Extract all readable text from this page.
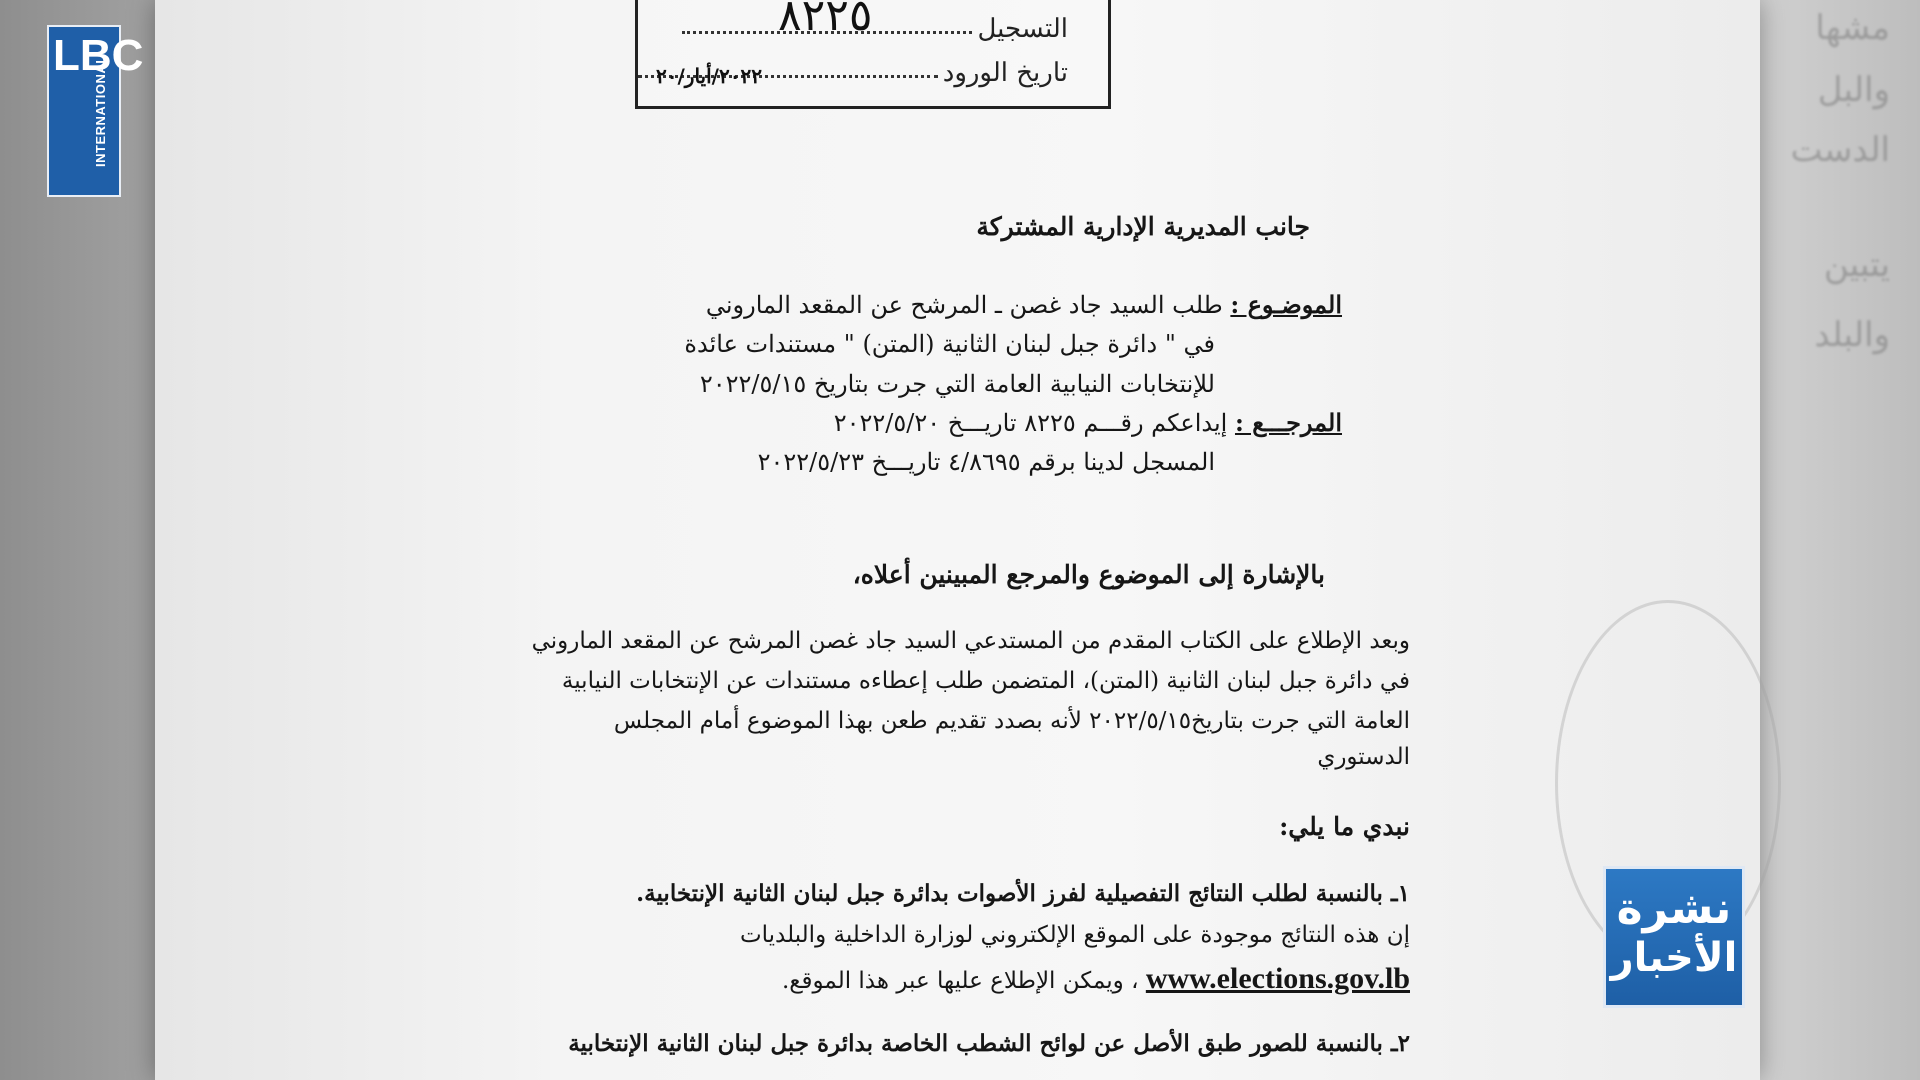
مشها
والبل
الدست
يتبين
والبلد
٨٢٢٥	التسجيل
تاريخ الورود
٢٠٢٢/أيار/٢٠
جانب المديرية الإدارية المشتركة
الموضـوع : طلب السيد جاد غصن ـ المرشح عن المقعد الماروني
في " دائرة جبل لبنان الثانية (المتن) " مستندات عائدة
للإنتخابات النيابية العامة التي جرت بتاريخ ٢٠٢٢/٥/١٥
المرجـــع : إيداعكم رقـــم ٨٢٢٥ تاريـــخ ٢٠٢٢/٥/٢٠
المسجل لدينا برقم ٤/٨٦٩٥ تاريـــخ ٢٠٢٢/٥/٢٣
بالإشارة إلى الموضوع والمرجع المبينين أعلاه،
وبعد الإطلاع على الكتاب المقدم من المستدعي السيد جاد غصن المرشح عن المقعد الماروني
في دائرة جبل لبنان الثانية (المتن)، المتضمن طلب إعطاءه مستندات عن الإنتخابات النيابية
العامة التي جرت بتاريخ٢٠٢٢/٥/١٥ لأنه بصدد تقديم طعن بهذا الموضوع أمام المجلس
الدستوري
نبدي ما يلي:
١ـ بالنسبة لطلب النتائج التفصيلية لفرز الأصوات بدائرة جبل لبنان الثانية الإنتخابية.
إن هذه النتائج موجودة على الموقع الإلكتروني لوزارة الداخلية والبلديات
www.elections.gov.lb ، ويمكن الإطلاع عليها عبر هذا الموقع.
٢ـ بالنسبة للصور طبق الأصل عن لوائح الشطب الخاصة بدائرة جبل لبنان الثانية الإنتخابية
LBC
INTERNATIONAL
نشرة
الأخبار
